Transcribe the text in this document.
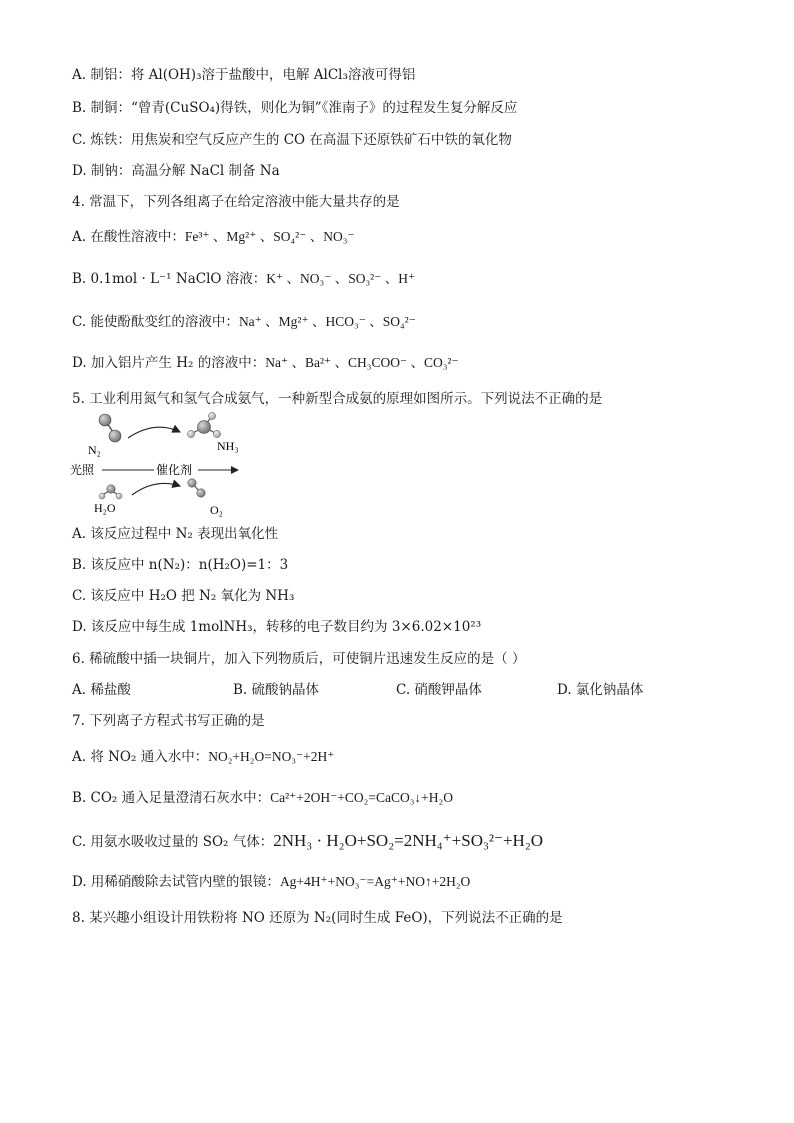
A. 制铝：将 Al(OH)₃溶于盐酸中，电解 AlCl₃溶液可得铝
B. 制铜：“曾青(CuSO₄)得铁，则化为铜”《淮南子》的过程发生复分解反应
C. 炼铁：用焦炭和空气反应产生的 CO 在高温下还原铁矿石中铁的氧化物
D. 制钠：高温分解 NaCl 制备 Na
4. 常温下，下列各组离子在给定溶液中能大量共存的是
A. 在酸性溶液中：Fe³⁺ 、Mg²⁺ 、SO₄²⁻ 、NO₃⁻
B. 0.1mol · L⁻¹ NaClO 溶液：K⁺ 、NO₃⁻ 、SO₃²⁻ 、H⁺
C. 能使酚酞变红的溶液中：Na⁺ 、Mg²⁺ 、HCO₃⁻ 、SO₄²⁻
D. 加入铝片产生 H₂ 的溶液中：Na⁺ 、Ba²⁺ 、CH₃COO⁻ 、CO₃²⁻
5. 工业利用氮气和氢气合成氨气，一种新型合成氨的原理如图所示。下列说法不正确的是
N₂	NH₃
光照	催化剂
H₂O	O₂
A. 该反应过程中 N₂ 表现出氧化性
B. 该反应中 n(N₂)：n(H₂O)=1：3
C. 该反应中 H₂O 把 N₂ 氧化为 NH₃
D. 该反应中每生成 1molNH₃，转移的电子数目约为 3×6.02×10²³
6. 稀硫酸中插一块铜片，加入下列物质后，可使铜片迅速发生反应的是（ ）
A. 稀盐酸	B. 硫酸钠晶体	C. 硝酸钾晶体	D. 氯化钠晶体
7. 下列离子方程式书写正确的是
A. 将 NO₂ 通入水中：NO₂+H₂O=NO₃⁻+2H⁺
B. CO₂ 通入足量澄清石灰水中：Ca²⁺+2OH⁻+CO₂=CaCO₃↓+H₂O
C. 用氨水吸收过量的 SO₂ 气体：2NH₃ · H₂O+SO₂=2NH₄⁺+SO₃²⁻+H₂O
D. 用稀硝酸除去试管内壁的银镜：Ag+4H⁺+NO₃⁻=Ag⁺+NO↑+2H₂O
8. 某兴趣小组设计用铁粉将 NO 还原为 N₂(同时生成 FeO)，下列说法不正确的是
